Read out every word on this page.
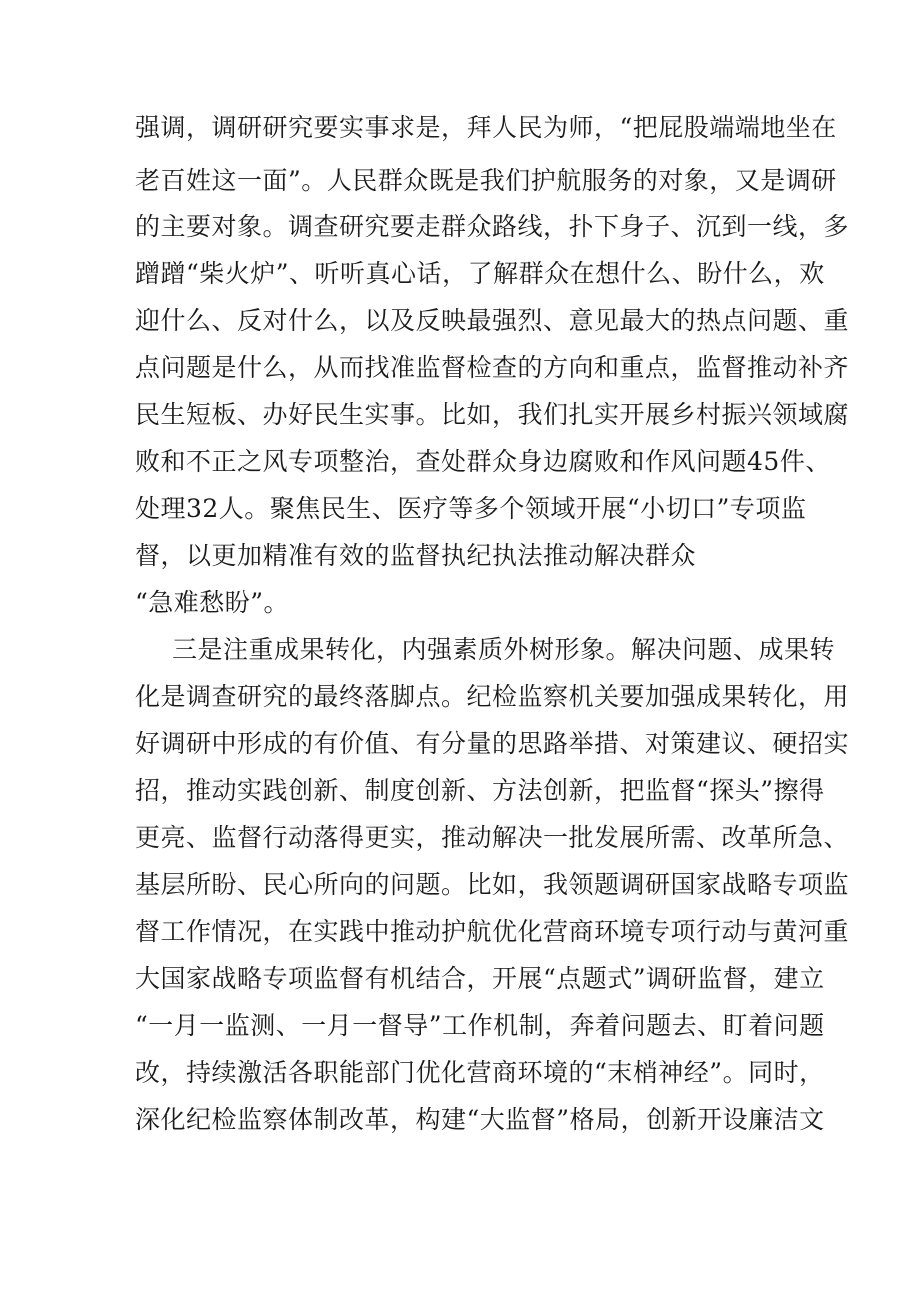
强调，调研研究要实事求是，拜人民为师，“把屁股端端地坐在
老百姓这一面”。人民群众既是我们护航服务的对象，又是调研
的主要对象。调查研究要走群众路线，扑下身子、沉到一线，多
蹭蹭“柴火炉”、听听真心话，了解群众在想什么、盼什么，欢
迎什么、反对什么，以及反映最强烈、意见最大的热点问题、重
点问题是什么，从而找准监督检查的方向和重点，监督推动补齐
民生短板、办好民生实事。比如，我们扎实开展乡村振兴领域腐
败和不正之风专项整治，查处群众身边腐败和作风问题45件、
处理32人。聚焦民生、医疗等多个领域开展“小切口”专项监
督，以更加精准有效的监督执纪执法推动解决群众
“急难愁盼”。
三是注重成果转化，内强素质外树形象。解决问题、成果转
化是调查研究的最终落脚点。纪检监察机关要加强成果转化，用
好调研中形成的有价值、有分量的思路举措、对策建议、硬招实
招，推动实践创新、制度创新、方法创新，把监督“探头”擦得
更亮、监督行动落得更实，推动解决一批发展所需、改革所急、
基层所盼、民心所向的问题。比如，我领题调研国家战略专项监
督工作情况，在实践中推动护航优化营商环境专项行动与黄河重
大国家战略专项监督有机结合，开展“点题式”调研监督，建立
“一月一监测、一月一督导”工作机制，奔着问题去、盯着问题
改，持续激活各职能部门优化营商环境的“末梢神经”。同时，
深化纪检监察体制改革，构建“大监督”格局，创新开设廉洁文
